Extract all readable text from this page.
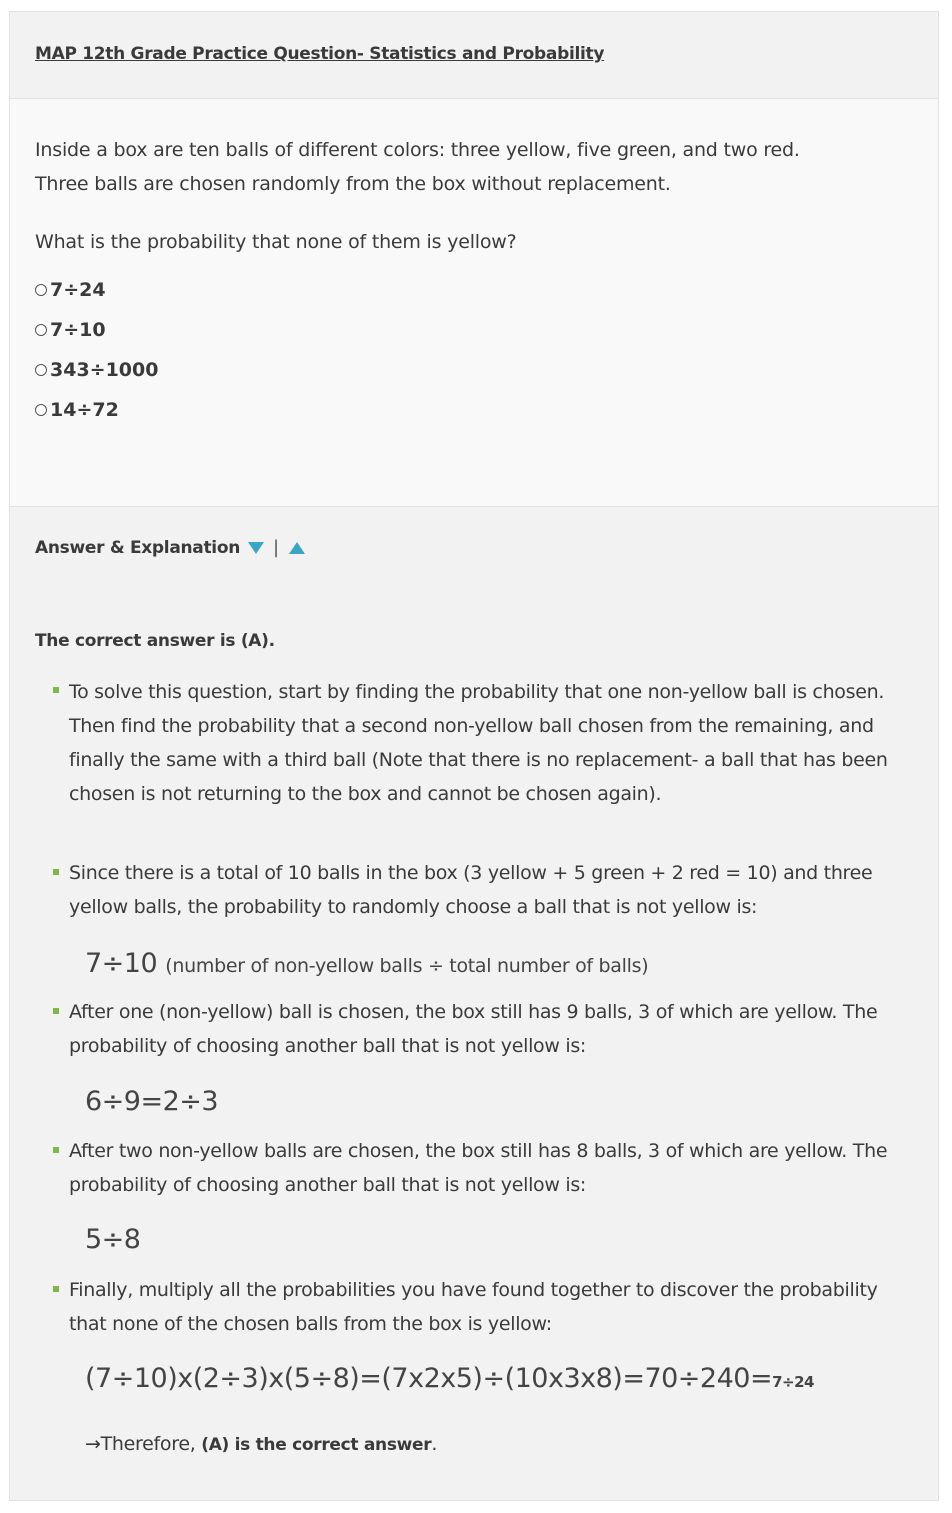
MAP 12th Grade Practice Question- Statistics and Probability
Inside a box are ten balls of different colors: three yellow, five green, and two red.
Three balls are chosen randomly from the box without replacement.
What is the probability that none of them is yellow?
7÷24
7÷10
343÷1000
14÷72
Answer & Explanation |
The correct answer is (A).
To solve this question, start by finding the probability that one non-yellow ball is chosen. Then find the probability that a second non-yellow ball chosen from the remaining, and finally the same with a third ball (Note that there is no replacement- a ball that has been chosen is not returning to the box and cannot be chosen again).
Since there is a total of 10 balls in the box (3 yellow + 5 green + 2 red = 10) and three yellow balls, the probability to randomly choose a ball that is not yellow is:
7÷10 (number of non-yellow balls ÷ total number of balls)
After one (non-yellow) ball is chosen, the box still has 9 balls, 3 of which are yellow. The probability of choosing another ball that is not yellow is:
6÷9=2÷3
After two non-yellow balls are chosen, the box still has 8 balls, 3 of which are yellow. The probability of choosing another ball that is not yellow is:
5÷8
Finally, multiply all the probabilities you have found together to discover the probability that none of the chosen balls from the box is yellow:
(7÷10)x(2÷3)x(5÷8)=(7x2x5)÷(10x3x8)=70÷240=7÷24
→Therefore, (A) is the correct answer.
